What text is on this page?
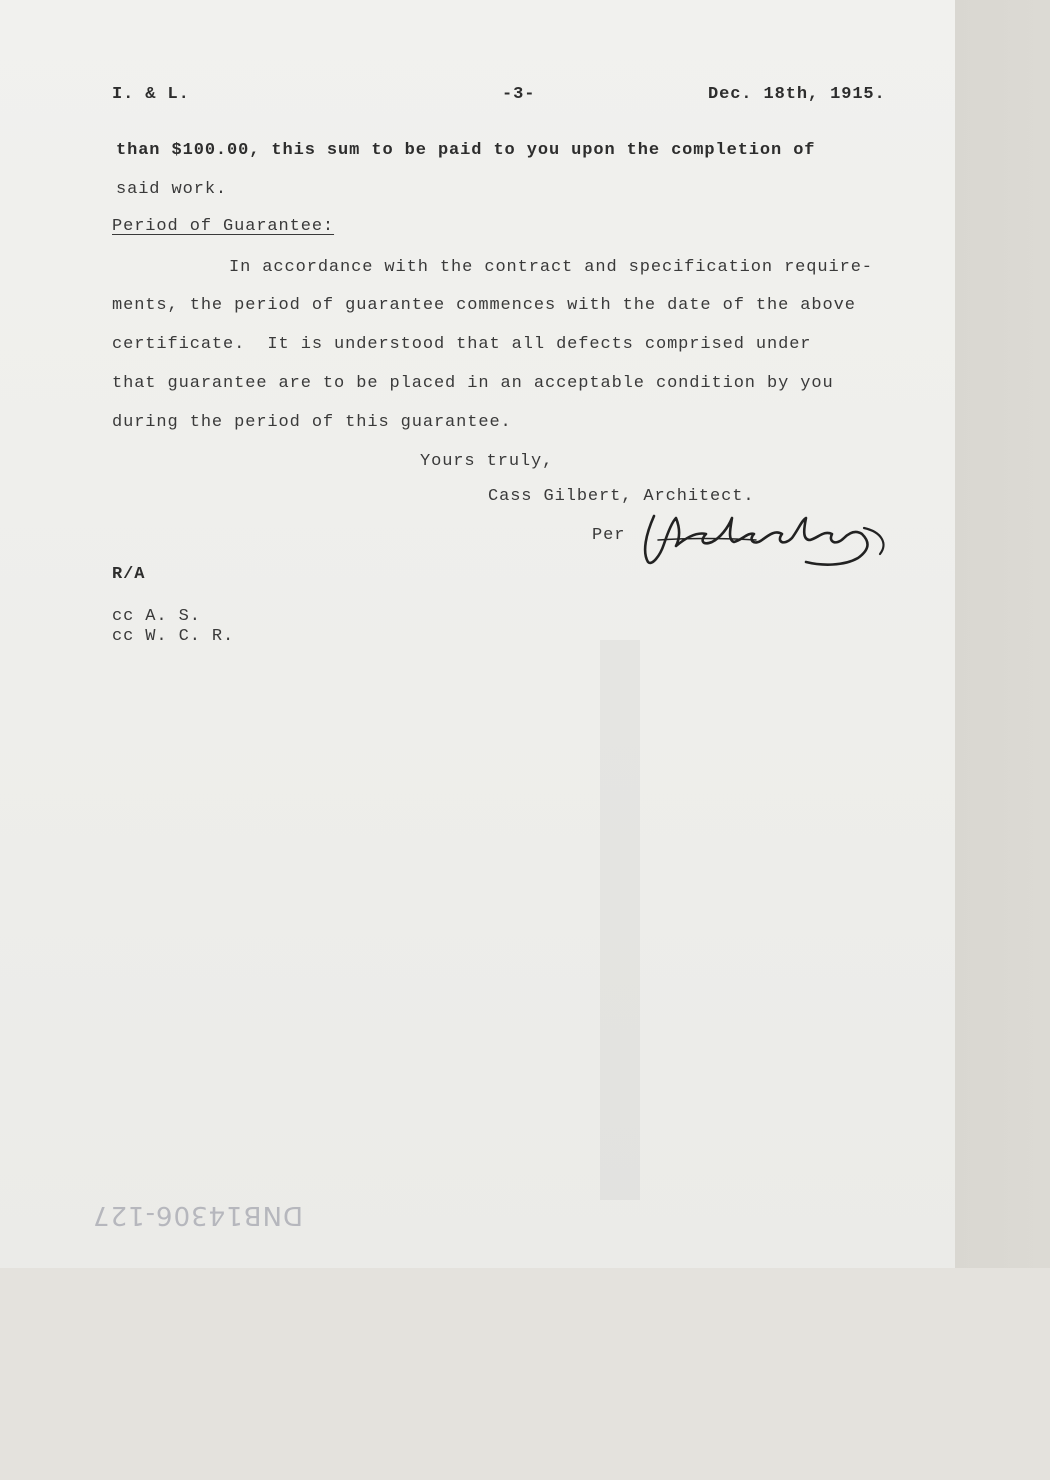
I. & L.	-3-	Dec. 18th, 1915.

than $100.00, this sum to be paid to you upon the completion of

said work.

Period of Guarantee:

In accordance with the contract and specification require-

ments, the period of guarantee commences with the date of the above

certificate.  It is understood that all defects comprised under

that guarantee are to be placed in an acceptable condition by you

during the period of this guarantee.

Yours truly,

Cass Gilbert, Architect.

Per

R/A

cc A. S.

cc W. C. R.

DNB14306-127
